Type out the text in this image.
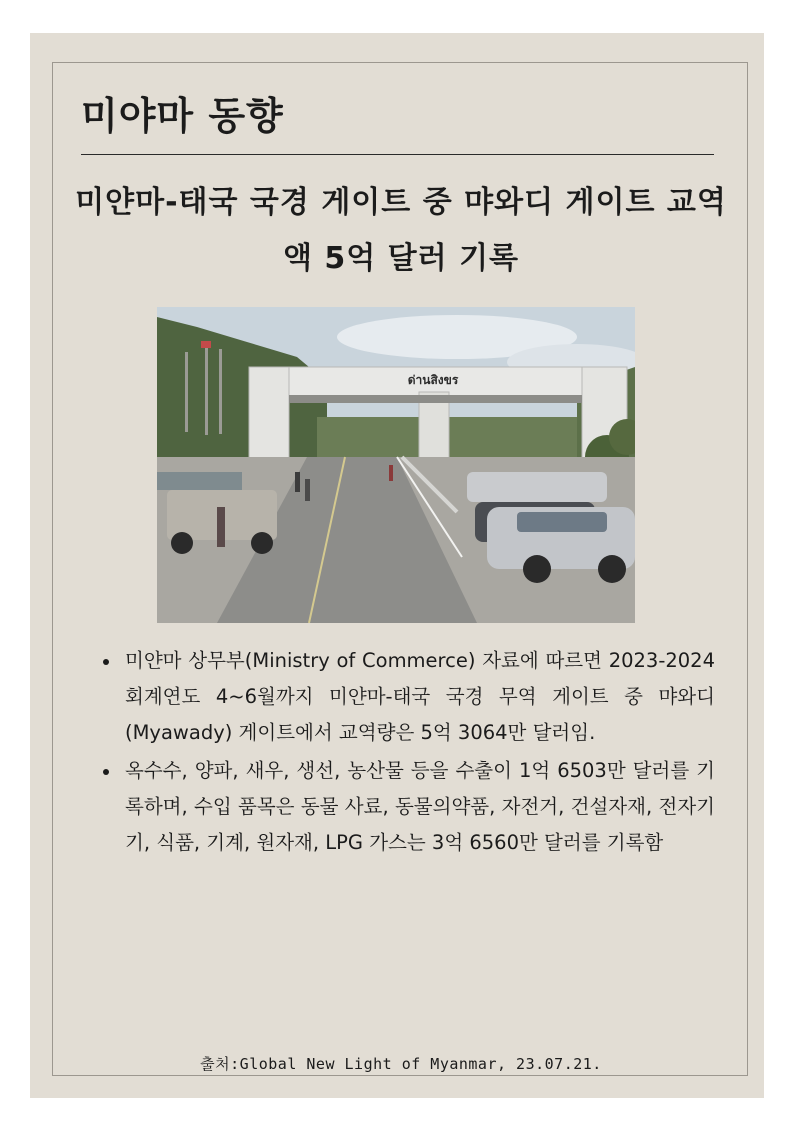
미야마 동향
미얀마-태국 국경 게이트 중 먀와디 게이트 교역액 5억 달러 기록
ด่านสิงขร
미얀마 상무부(Ministry of Commerce) 자료에 따르면 2023-2024 회계연도 4~6월까지 미얀마-태국 국경 무역 게이트 중 먀와디(Myawady) 게이트에서 교역량은 5억 3064만 달러임.
옥수수, 양파, 새우, 생선, 농산물 등을 수출이 1억 6503만 달러를 기록하며, 수입 품목은 동물 사료, 동물의약품, 자전거, 건설자재, 전자기기, 식품, 기계, 원자재, LPG 가스는 3억 6560만 달러를 기록함
출처:Global New Light of Myanmar, 23.07.21.
